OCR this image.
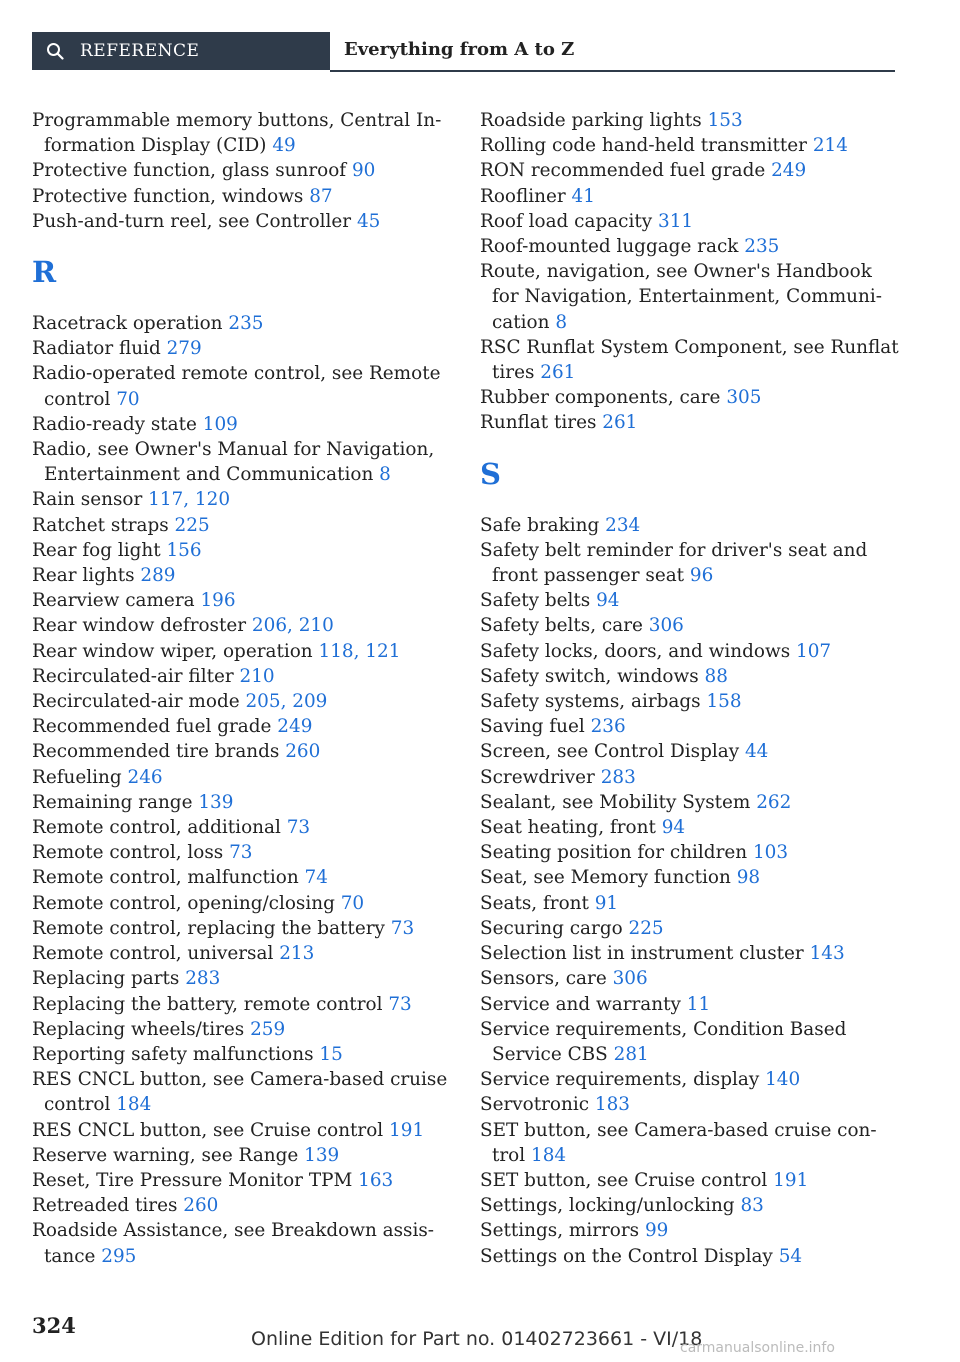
REFERENCE	Everything from A to Z
Programmable memory buttons, Central In‐formation Display (CID) 49
Protective function, glass sunroof 90
Protective function, windows 87
Push-and-turn reel, see Controller 45
R
Racetrack operation 235
Radiator fluid 279
Radio-operated remote control, see Remote control 70
Radio-ready state 109
Radio, see Owner's Manual for Navigation, Entertainment and Communication 8
Rain sensor 117, 120
Ratchet straps 225
Rear fog light 156
Rear lights 289
Rearview camera 196
Rear window defroster 206, 210
Rear window wiper, operation 118, 121
Recirculated-air filter 210
Recirculated-air mode 205, 209
Recommended fuel grade 249
Recommended tire brands 260
Refueling 246
Remaining range 139
Remote control, additional 73
Remote control, loss 73
Remote control, malfunction 74
Remote control, opening/closing 70
Remote control, replacing the battery 73
Remote control, universal 213
Replacing parts 283
Replacing the battery, remote control 73
Replacing wheels/tires 259
Reporting safety malfunctions 15
RES CNCL button, see Camera-based cruise control 184
RES CNCL button, see Cruise control 191
Reserve warning, see Range 139
Reset, Tire Pressure Monitor TPM 163
Retreaded tires 260
Roadside Assistance, see Breakdown assis‐tance 295
Roadside parking lights 153
Rolling code hand-held transmitter 214
RON recommended fuel grade 249
Roofliner 41
Roof load capacity 311
Roof-mounted luggage rack 235
Route, navigation, see Owner's Handbook for Navigation, Entertainment, Communi‐cation 8
RSC Runflat System Component, see Runflat tires 261
Rubber components, care 305
Runflat tires 261
S
Safe braking 234
Safety belt reminder for driver's seat and front passenger seat 96
Safety belts 94
Safety belts, care 306
Safety locks, doors, and windows 107
Safety switch, windows 88
Safety systems, airbags 158
Saving fuel 236
Screen, see Control Display 44
Screwdriver 283
Sealant, see Mobility System 262
Seat heating, front 94
Seating position for children 103
Seat, see Memory function 98
Seats, front 91
Securing cargo 225
Selection list in instrument cluster 143
Sensors, care 306
Service and warranty 11
Service requirements, Condition Based Service CBS 281
Service requirements, display 140
Servotronic 183
SET button, see Camera-based cruise con‐trol 184
SET button, see Cruise control 191
Settings, locking/unlocking 83
Settings, mirrors 99
Settings on the Control Display 54
324
Online Edition for Part no. 01402723661 - VI/18
carmanualsonline.info
